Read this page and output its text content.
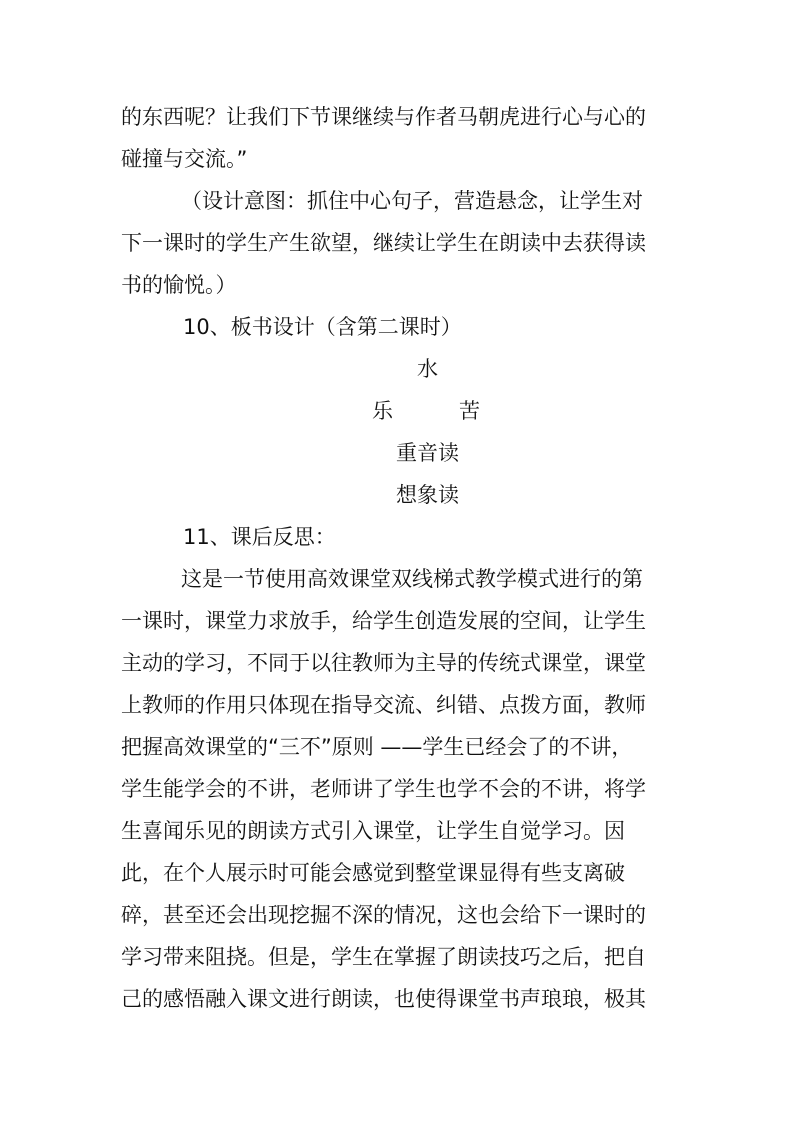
的东西呢？让我们下节课继续与作者马朝虎进行心与心的
碰撞与交流。”
（设计意图：抓住中心句子，营造悬念，让学生对
下一课时的学生产生欲望，继续让学生在朗读中去获得读
书的愉悦。）
10、板书设计（含第二课时）
水
乐	苦
重音读
想象读
11、课后反思：
这是一节使用高效课堂双线梯式教学模式进行的第
一课时，课堂力求放手，给学生创造发展的空间，让学生
主动的学习，不同于以往教师为主导的传统式课堂，课堂
上教师的作用只体现在指导交流、纠错、点拨方面，教师
把握高效课堂的“三不”原则 ——学生已经会了的不讲，
学生能学会的不讲，老师讲了学生也学不会的不讲，将学
生喜闻乐见的朗读方式引入课堂，让学生自觉学习。因
此，在个人展示时可能会感觉到整堂课显得有些支离破
碎，甚至还会出现挖掘不深的情况，这也会给下一课时的
学习带来阻挠。但是，学生在掌握了朗读技巧之后，把自
己的感悟融入课文进行朗读，也使得课堂书声琅琅，极其
